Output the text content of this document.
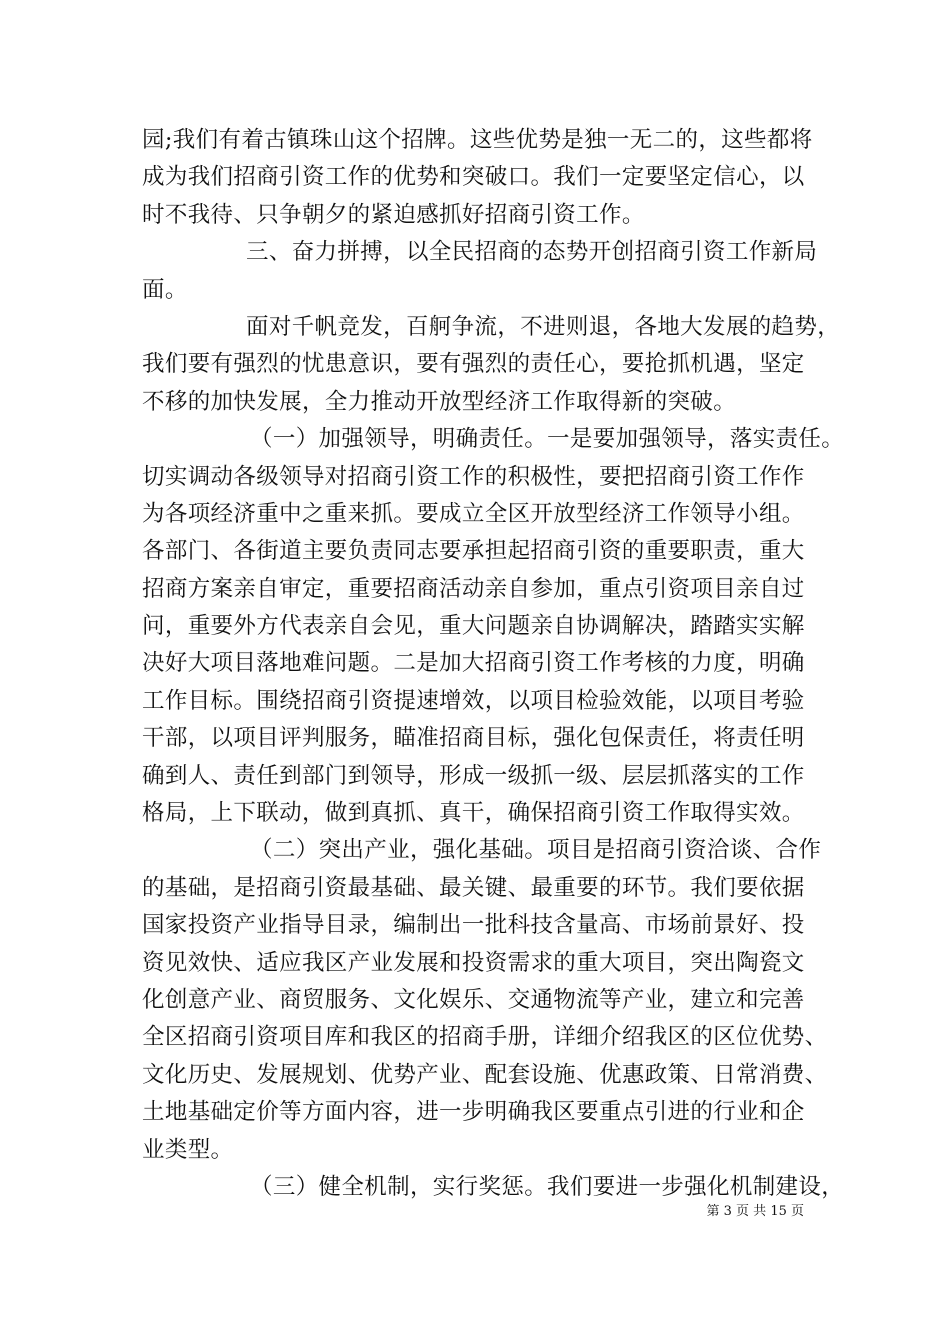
园;我们有着古镇珠山这个招牌。这些优势是独一无二的，这些都将
成为我们招商引资工作的优势和突破口。我们一定要坚定信心，以
时不我待、只争朝夕的紧迫感抓好招商引资工作。
三、奋力拼搏，以全民招商的态势开创招商引资工作新局
面。
面对千帆竞发，百舸争流，不进则退，各地大发展的趋势，
我们要有强烈的忧患意识，要有强烈的责任心，要抢抓机遇，坚定
不移的加快发展，全力推动开放型经济工作取得新的突破。
（一）加强领导，明确责任。一是要加强领导，落实责任。
切实调动各级领导对招商引资工作的积极性，要把招商引资工作作
为各项经济重中之重来抓。要成立全区开放型经济工作领导小组。
各部门、各街道主要负责同志要承担起招商引资的重要职责，重大
招商方案亲自审定，重要招商活动亲自参加，重点引资项目亲自过
问，重要外方代表亲自会见，重大问题亲自协调解决，踏踏实实解
决好大项目落地难问题。二是加大招商引资工作考核的力度，明确
工作目标。围绕招商引资提速增效，以项目检验效能，以项目考验
干部，以项目评判服务，瞄准招商目标，强化包保责任，将责任明
确到人、责任到部门到领导，形成一级抓一级、层层抓落实的工作
格局，上下联动，做到真抓、真干，确保招商引资工作取得实效。
（二）突出产业，强化基础。项目是招商引资洽谈、合作
的基础，是招商引资最基础、最关键、最重要的环节。我们要依据
国家投资产业指导目录，编制出一批科技含量高、市场前景好、投
资见效快、适应我区产业发展和投资需求的重大项目，突出陶瓷文
化创意产业、商贸服务、文化娱乐、交通物流等产业，建立和完善
全区招商引资项目库和我区的招商手册，详细介绍我区的区位优势、
文化历史、发展规划、优势产业、配套设施、优惠政策、日常消费、
土地基础定价等方面内容，进一步明确我区要重点引进的行业和企
业类型。
（三）健全机制，实行奖惩。我们要进一步强化机制建设，
第 3 页 共 15 页
